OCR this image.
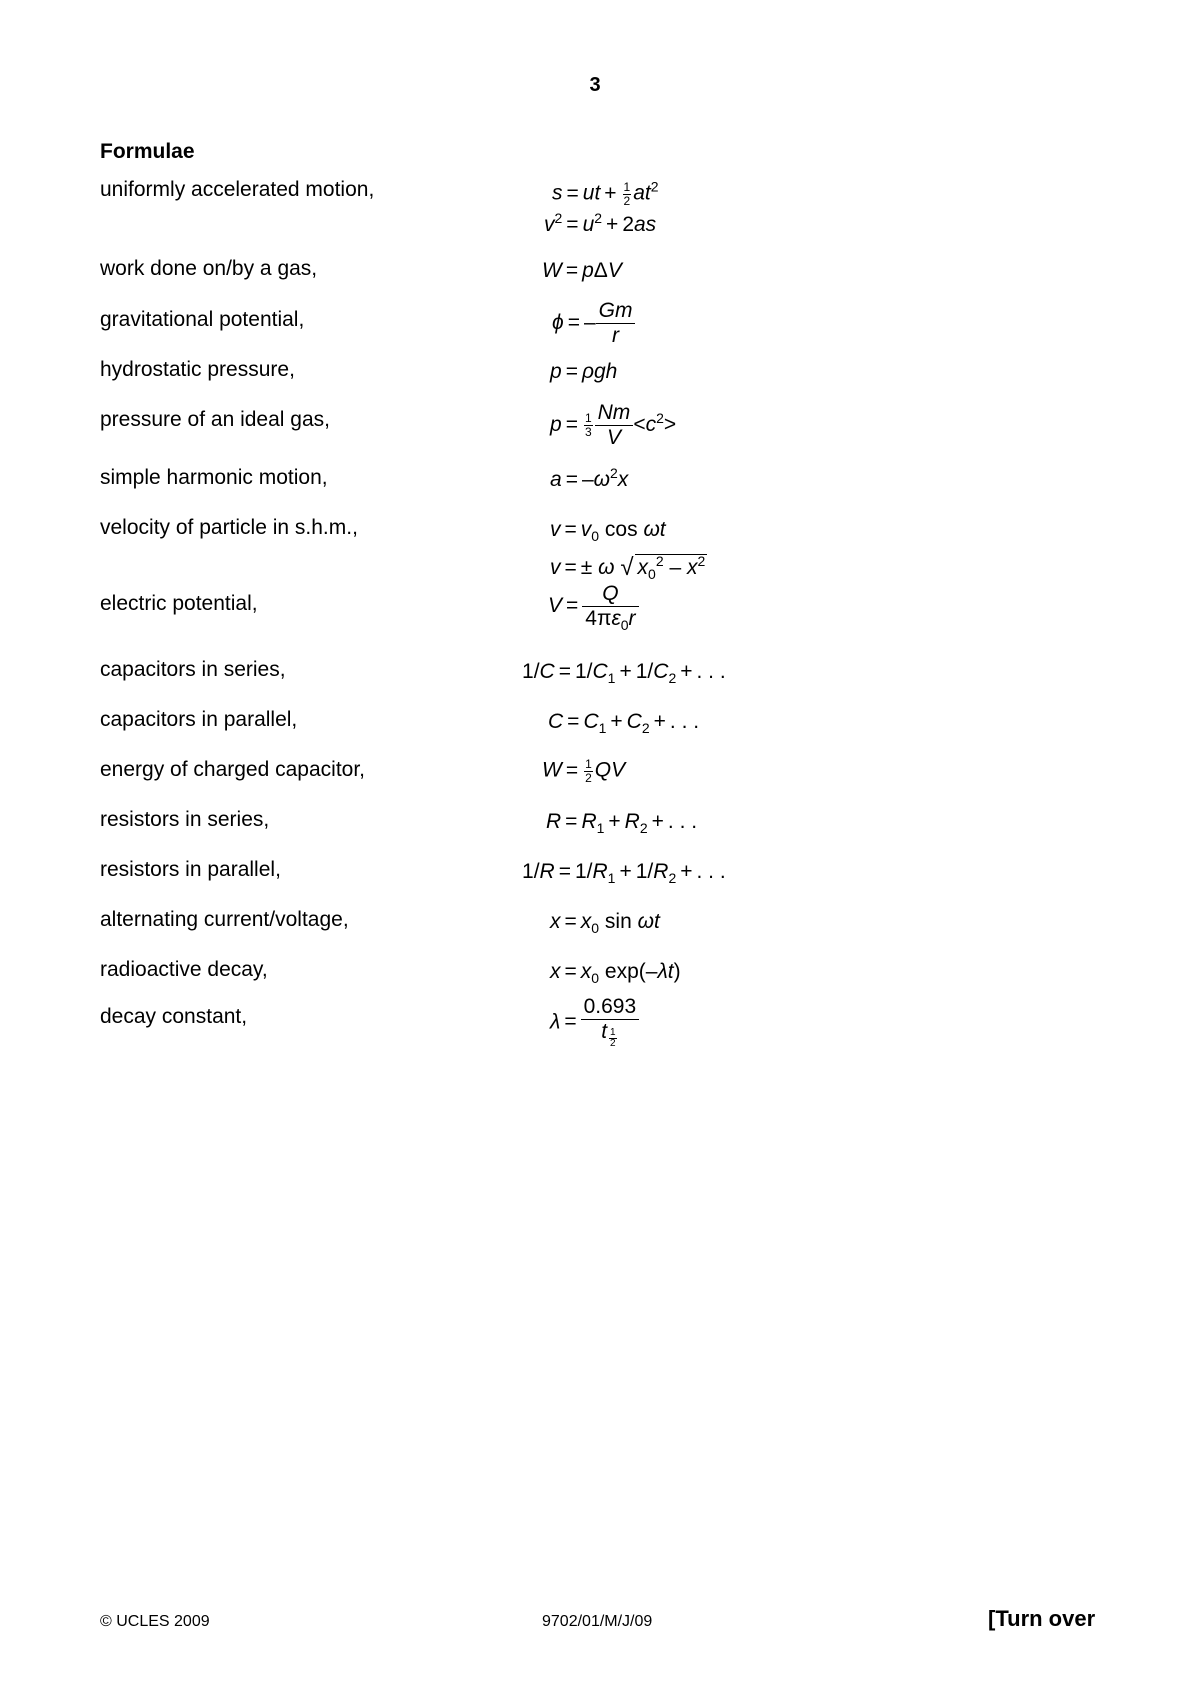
3
Formulae
uniformly accelerated motion,
work done on/by a gas,
gravitational potential,
hydrostatic pressure,
pressure of an ideal gas,
simple harmonic motion,
velocity of particle in s.h.m.,
electric potential,
capacitors in series,
capacitors in parallel,
energy of charged capacitor,
resistors in series,
resistors in parallel,
alternating current/voltage,
radioactive decay,
decay constant,
s = ut + $\frac{1}{2} at^2$
$v^2 = u^2 + 2as$
W = pΔV
ϕ = – $\frac{Gm}{r}$
p = ρgh
$p = \frac{1}{3} \frac{Nm}{V} <c^2>$
$a = -\omega^2x$
$v = v_0$ cos ωt
v = ± ω √ $x_0^2 - x^2$
$V = \frac{Q}{4\pi\varepsilon_0r}$
$1/C = 1/C_1 + 1/C_2$ + . . .
$C = C_1 + C_2$ + . . .
$W = \frac{1}{2}$ QV
$R = R_1 + R_2$ + . . .
$1/R = 1/R_1 + 1/R_2$ + . . .
$x = x_0$ sin ωt
$x = x_0$ exp(–λt)
$\lambda = \frac{0.693}{t \frac{1}{2}}$
© UCLES 2009	9702/01/M/J/09	[Turn over
